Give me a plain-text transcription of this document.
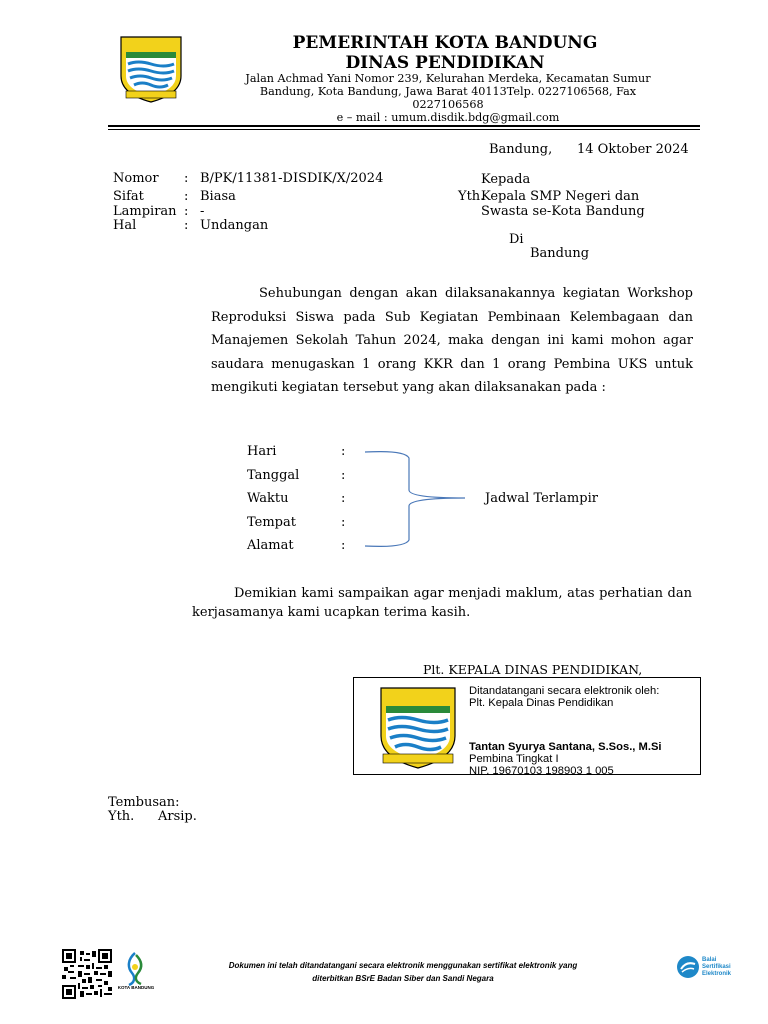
PEMERINTAH KOTA BANDUNG
DINAS PENDIDIKAN
Jalan Achmad Yani Nomor 239, Kelurahan Merdeka, Kecamatan Sumur
Bandung, Kota Bandung, Jawa Barat 40113Telp. 0227106568, Fax
0227106568
e – mail : umum.disdik.bdg@gmail.com
Bandung, 14 Oktober 2024
Nomor : B/PK/11381-DISDIK/X/2024
Sifat	: Biasa
Lampiran : -
Hal	: Undangan
Kepada
Yth.
Kepala SMP Negeri dan
Swasta se-Kota Bandung
Di
Bandung
Sehubungan dengan akan dilaksanakannya kegiatan Workshop Reproduksi Siswa pada Sub Kegiatan Pembinaan Kelembagaan dan Manajemen Sekolah Tahun 2024, maka dengan ini kami mohon agar saudara menugaskan 1 orang KKR dan 1 orang Pembina UKS untuk mengikuti kegiatan tersebut yang akan dilaksanakan pada :
Hari	:
Tanggal	:
Waktu	:
Tempat	:
Alamat	:
Jadwal Terlampir
Demikian kami sampaikan agar menjadi maklum, atas perhatian dan kerjasamanya kami ucapkan terima kasih.
Plt. KEPALA DINAS PENDIDIKAN,
Ditandatangani secara elektronik oleh:
Plt. Kepala Dinas Pendidikan
Tantan Syurya Santana, S.Sos., M.Si
Pembina Tingkat I
NIP. 19670103 198903 1 005
Tembusan:
Yth. Arsip.
KOTA BANDUNG
Dokumen ini telah ditandatangani secara elektronik menggunakan sertifikat elektronik yang
diterbitkan BSrE Badan Siber dan Sandi Negara
Balai
Sertifikasi
Elektronik
